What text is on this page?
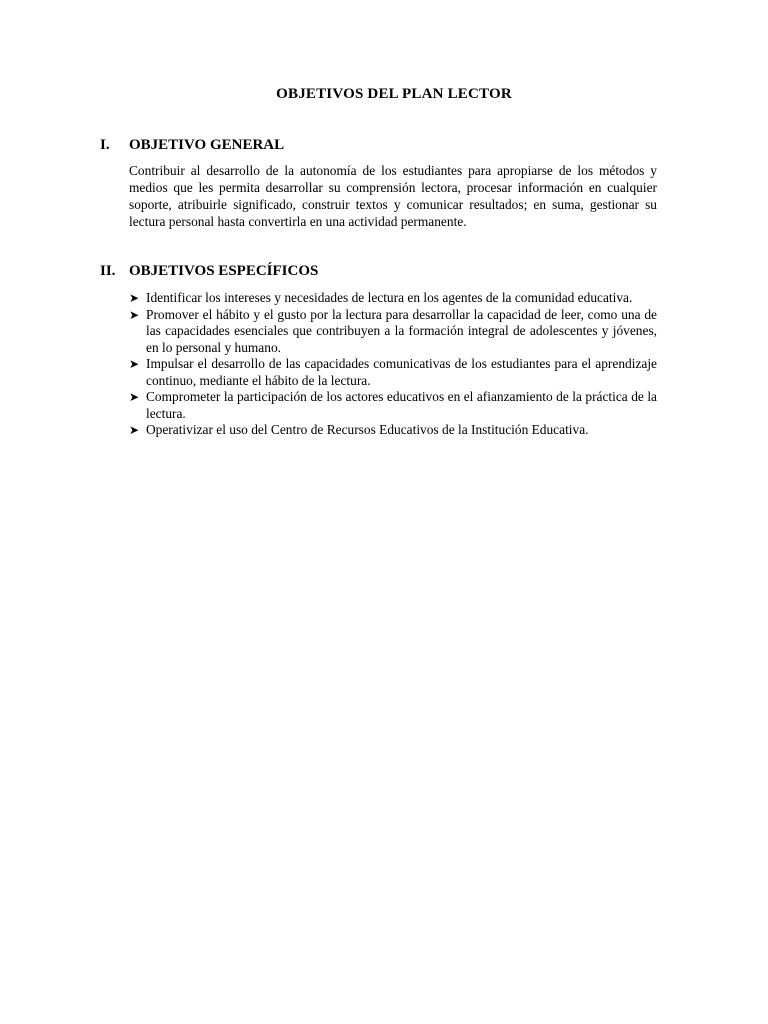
OBJETIVOS DEL PLAN LECTOR
I.	OBJETIVO GENERAL

Contribuir al desarrollo de la autonomía de los estudiantes para apropiarse de los métodos y medios que les permita desarrollar su comprensión lectora, procesar información en cualquier soporte, atribuirle significado, construir textos y comunicar resultados; en suma, gestionar su lectura personal hasta convertirla en una actividad permanente.

II. OBJETIVOS ESPECÍFICOS
➤ Identificar los intereses y necesidades de lectura en los agentes de la comunidad educativa.
➤ Promover el hábito y el gusto por la lectura para desarrollar la capacidad de leer, como una de las capacidades esenciales que contribuyen a la formación integral de adolescentes y jóvenes, en lo personal y humano.
➤ Impulsar el desarrollo de las capacidades comunicativas de los estudiantes para el aprendizaje continuo, mediante el hábito de la lectura.
➤ Comprometer la participación de los actores educativos en el afianzamiento de la práctica de la lectura.
➤ Operativizar el uso del Centro de Recursos Educativos de la Institución Educativa.
